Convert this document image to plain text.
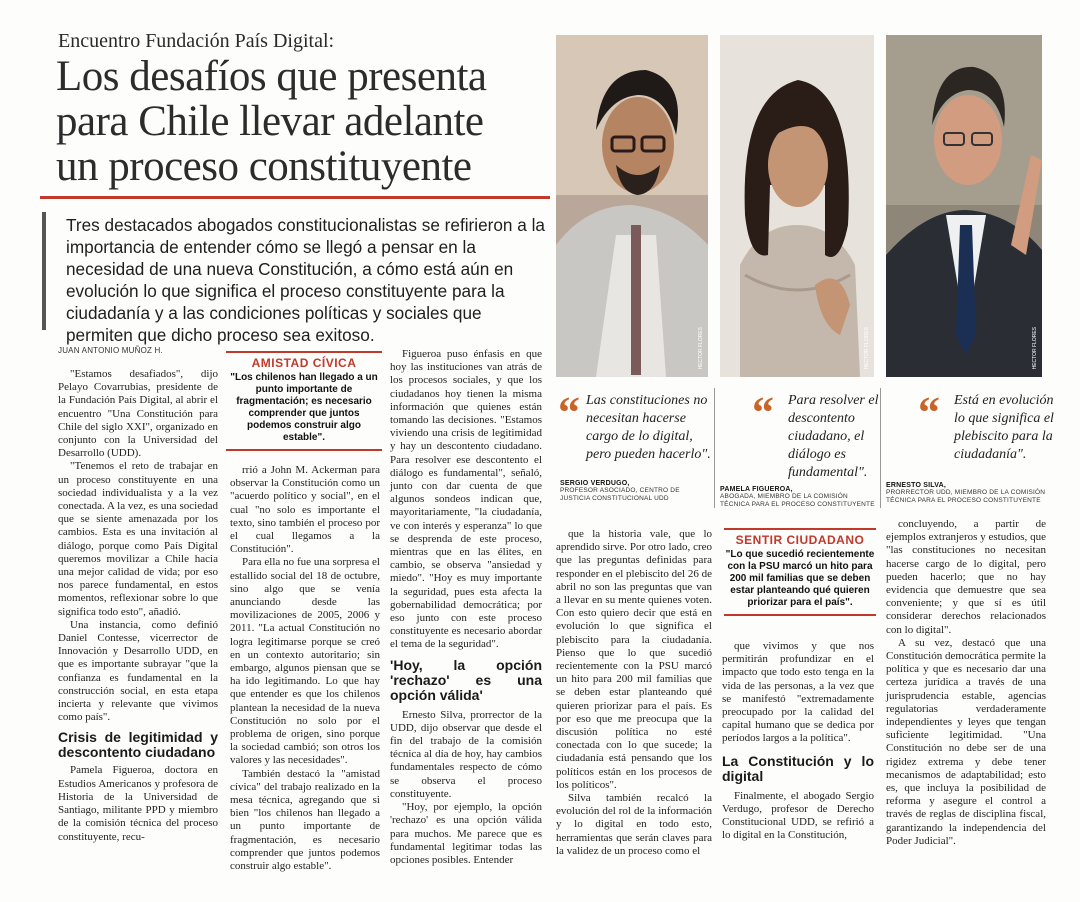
Encuentro Fundación País Digital:
Los desafíos que presenta
para Chile llevar adelante
un proceso constituyente
Tres destacados abogados constitucionalistas se refirieron a la importancia de entender cómo se llegó a pensar en la necesidad de una nueva Constitución, a cómo está aún en evolución lo que significa el proceso constituyente para la ciudadanía y a las condiciones políticas y sociales que permiten que dicho proceso sea exitoso.
JUAN ANTONIO MUÑOZ H.	HECTOR FLORES	HECTOR FLORES	HECTOR FLORES
“ Las constituciones no necesitan hacerse cargo de lo digital, pero pueden hacerlo".
SERGIO VERDUGO,
PROFESOR ASOCIADO, CENTRO DE JUSTICIA CONSTITUCIONAL UDD
“ Para resolver el descontento ciudadano, el diálogo es fundamental".
PAMELA FIGUEROA,
ABOGADA, MIEMBRO DE LA COMISIÓN TÉCNICA PARA EL PROCESO CONSTITUYENTE
“ Está en evolución lo que significa el plebiscito para la ciudadanía".
ERNESTO SILVA,
PRORRECTOR UDD, MIEMBRO DE LA COMISIÓN TÉCNICA PARA EL PROCESO CONSTITUYENTE

"Estamos desafiados", dijo Pelayo Covarrubias, presidente de la Fundación País Digital, al abrir el encuentro "Una Constitución para Chile del siglo XXI", organizado en conjunto con la Universidad del Desarrollo (UDD).

"Tenemos el reto de trabajar en un proceso constituyente en una sociedad individualista y a la vez conectada. A la vez, es una sociedad que se siente amenazada por los cambios. Esta es una invitación al diálogo, porque como País Digital queremos movilizar a Chile hacia una mejor calidad de vida; por eso nos parece fundamental, en estos momentos, reflexionar sobre lo que significa todo esto", añadió.

Una instancia, como definió Daniel Contesse, vicerrector de Innovación y Desarrollo UDD, en que es importante subrayar "que la confianza es fundamental en la construcción social, en esta etapa incierta y relevante que vivimos como país".

Crisis de legitimidad y descontento ciudadano

Pamela Figueroa, doctora en Estudios Americanos y profesora de Historia de la Universidad de Santiago, militante PPD y miembro de la comisión técnica del proceso constituyente, recu-

AMISTAD CÍVICA
"Los chilenos han llegado a un punto importante de fragmentación; es necesario comprender que juntos podemos construir algo estable".

rrió a John M. Ackerman para observar la Constitución como un "acuerdo político y social", en el cual "no solo es importante el texto, sino también el proceso por el cual llegamos a la Constitución".

Para ella no fue una sorpresa el estallido social del 18 de octubre, sino algo que se venía anunciando desde las movilizaciones de 2005, 2006 y 2011. "La actual Constitución no logra legitimarse porque se creó en un contexto autoritario; sin embargo, algunos piensan que se ha ido legitimando. Lo que hay que entender es que los chilenos plantean la necesidad de la nueva Constitución no solo por el problema de origen, sino porque la sociedad cambió; son otros los valores y las necesidades".

También destacó la "amistad cívica" del trabajo realizado en la mesa técnica, agregando que si bien "los chilenos han llegado a un punto importante de fragmentación, es necesario comprender que juntos podemos construir algo estable".

Figueroa puso énfasis en que hoy las instituciones van atrás de los procesos sociales, y que los ciudadanos hoy tienen la misma información que quienes están tomando las decisiones. "Estamos viviendo una crisis de legitimidad y hay un descontento ciudadano. Para resolver ese descontento el diálogo es fundamental", señaló, junto con dar cuenta de que algunos sondeos indican que, mayoritariamente, "la ciudadanía, ve con interés y esperanza" lo que se desprenda de este proceso, mientras que en las élites, en cambio, se observa "ansiedad y miedo". "Hoy es muy importante la seguridad, pues esta afecta la gobernabilidad democrática; por eso junto con este proceso constituyente es necesario abordar el tema de la seguridad".

'Hoy, la opción 'rechazo' es una opción válida'

Ernesto Silva, prorrector de la UDD, dijo observar que desde el fin del trabajo de la comisión técnica al día de hoy, hay cambios fundamentales respecto de cómo se observa el proceso constituyente.

"Hoy, por ejemplo, la opción 'rechazo' es una opción válida para muchos. Me parece que es fundamental legitimar todas las opciones posibles. Entender

SENTIR CIUDADANO
"Lo que sucedió recientemente con la PSU marcó un hito para 200 mil familias que se deben estar planteando qué quieren priorizar para el país".

que la historia vale, que lo aprendido sirve. Por otro lado, creo que las preguntas definidas para responder en el plebiscito del 26 de abril no son las preguntas que van a llevar en su mente quienes voten. Con esto quiero decir que está en evolución lo que significa el plebiscito para la ciudadanía. Pienso que lo que sucedió recientemente con la PSU marcó un hito para 200 mil familias que se deben estar planteando qué quieren priorizar para el país. Es por eso que me preocupa que la discusión política no esté conectada con lo que sucede; la ciudadanía está pensando que los políticos están en los procesos de los políticos".

Silva también recalcó la evolución del rol de la información y lo digital en todo esto, herramientas que serán claves para la validez de un proceso como el

que vivimos y que nos permitirán profundizar en el impacto que todo esto tenga en la vida de las personas, a la vez que se manifestó "extremadamente preocupado por la calidad del capital humano que se dedica por períodos largos a la política".

La Constitución y lo digital

Finalmente, el abogado Sergio Verdugo, profesor de Derecho Constitucional UDD, se refirió a lo digital en la Constitución,

concluyendo, a partir de ejemplos extranjeros y estudios, que "las constituciones no necesitan hacerse cargo de lo digital, pero pueden hacerlo; que no hay evidencia que demuestre que sea conveniente; y que sí es útil considerar derechos relacionados con lo digital".

A su vez, destacó que una Constitución democrática permite la política y que es necesario dar una certeza jurídica a través de una jurisprudencia estable, agencias regulatorias verdaderamente independientes y leyes que tengan suficiente legitimidad. "Una Constitución no debe ser de una rigidez extrema y debe tener mecanismos de adaptabilidad; esto es, que incluya la posibilidad de reforma y asegure el control a través de reglas de disciplina fiscal, garantizando la independencia del Poder Judicial".
